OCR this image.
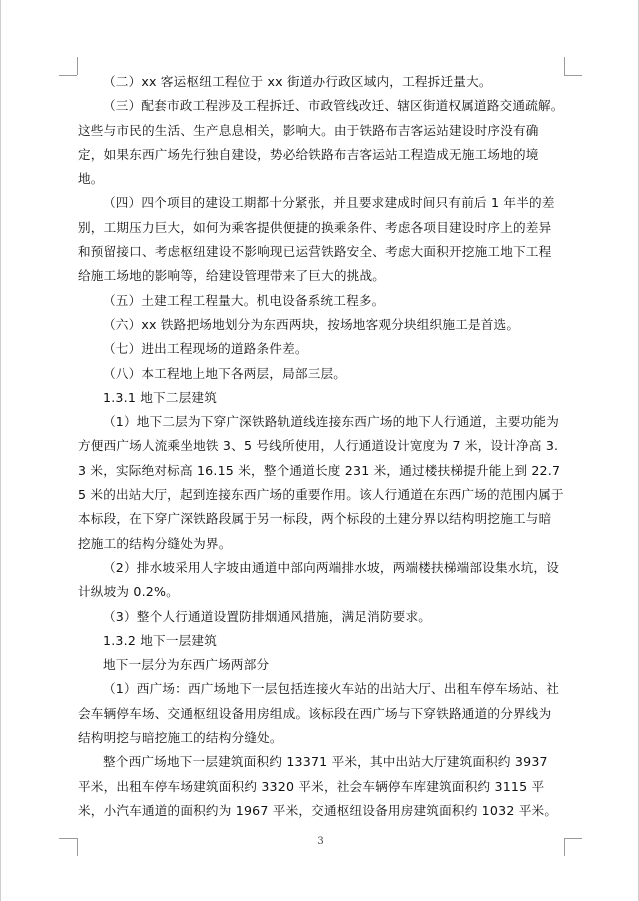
（二）xx 客运枢纽工程位于 xx 街道办行政区域内，工程拆迁量大。

（三）配套市政工程涉及工程拆迁、市政管线改迁、辖区街道权属道路交通疏解。这些与市民的生活、生产息息相关，影响大。由于铁路布吉客运站建设时序没有确定，如果东西广场先行独自建设，势必给铁路布吉客运站工程造成无施工场地的境地。

（四）四个项目的建设工期都十分紧张，并且要求建成时间只有前后 1 年半的差别，工期压力巨大，如何为乘客提供便捷的换乘条件、考虑各项目建设时序上的差异和预留接口、考虑枢纽建设不影响现已运营铁路安全、考虑大面积开挖施工地下工程给施工场地的影响等，给建设管理带来了巨大的挑战。

（五）土建工程工程量大。机电设备系统工程多。

（六）xx 铁路把场地划分为东西两块，按场地客观分块组织施工是首选。

（七）进出工程现场的道路条件差。

（八）本工程地上地下各两层，局部三层。

1.3.1 地下二层建筑

（1）地下二层为下穿广深铁路轨道线连接东西广场的地下人行通道，主要功能为方便西广场人流乘坐地铁 3、5 号线所使用，人行通道设计宽度为 7 米，设计净高 3.3 米，实际绝对标高 16.15 米，整个通道长度 231 米，通过楼扶梯提升能上到 22.75 米的出站大厅，起到连接东西广场的重要作用。该人行通道在东西广场的范围内属于本标段，在下穿广深铁路段属于另一标段，两个标段的土建分界以结构明挖施工与暗挖施工的结构分缝处为界。

（2）排水坡采用人字坡由通道中部向两端排水坡，两端楼扶梯端部设集水坑，设计纵坡为 0.2%。

（3）整个人行通道设置防排烟通风措施，满足消防要求。

1.3.2 地下一层建筑

地下一层分为东西广场两部分

（1）西广场：西广场地下一层包括连接火车站的出站大厅、出租车停车场站、社会车辆停车场、交通枢纽设备用房组成。该标段在西广场与下穿铁路通道的分界线为结构明挖与暗挖施工的结构分缝处。

整个西广场地下一层建筑面积约 13371 平米，其中出站大厅建筑面积约 3937 平米，出租车停车场建筑面积约 3320 平米，社会车辆停车库建筑面积约 3115 平米，小汽车通道的面积约为 1967 平米，交通枢纽设备用房建筑面积约 1032 平米。

3
